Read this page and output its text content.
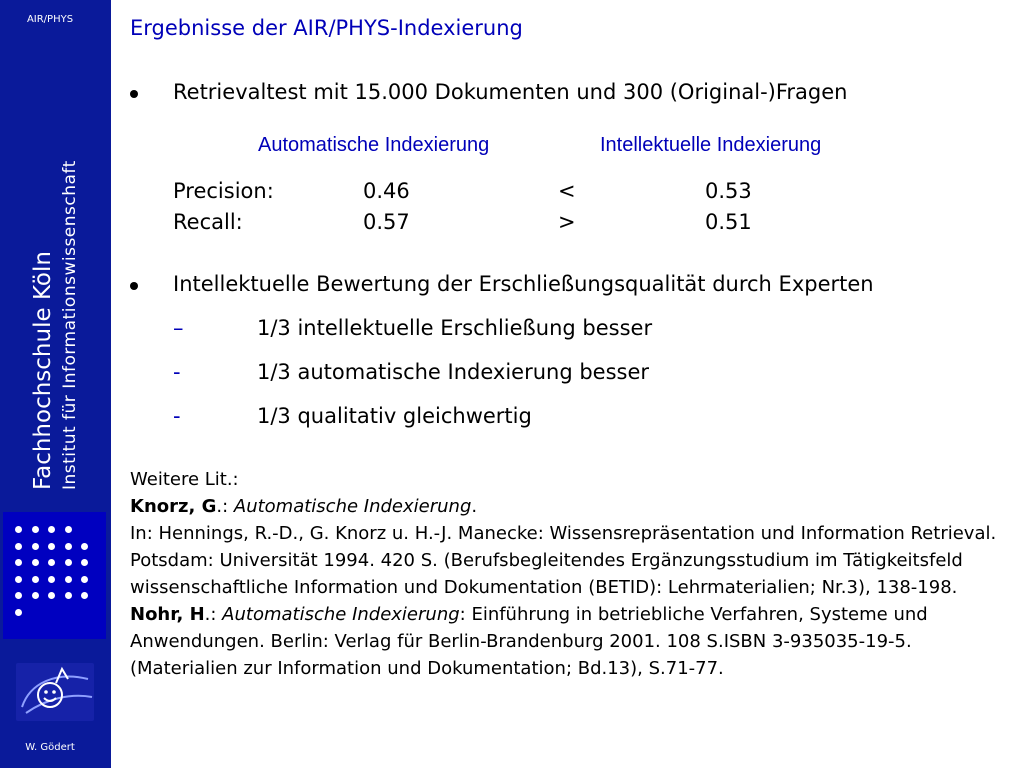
AIR/PHYS
Fachhochschule Köln Institut für Informationswissenschaft
W. Gödert
Ergebnisse der AIR/PHYS-Indexierung
Retrievaltest mit 15.000 Dokumenten und 300 (Original-)Fragen
Automatische Indexierung	Intellektuelle Indexierung
Precision:	0.46	<	0.53
Recall:	0.57	>	0.51
Intellektuelle Bewertung der Erschließungsqualität durch Experten
–	1/3 intellektuelle Erschließung besser
-	1/3 automatische Indexierung besser
-	1/3 qualitativ gleichwertig

Weitere Lit.:

Knorz, G.: Automatische Indexierung.

In: Hennings, R.-D., G. Knorz u. H.-J. Manecke: Wissensrepräsentation und Information Retrieval. Potsdam: Universität 1994. 420 S. (Berufsbegleitendes Ergänzungsstudium im Tätigkeitsfeld wissenschaftliche Information und Dokumentation (BETID): Lehrmaterialien; Nr.3), 138-198.

Nohr, H.: Automatische Indexierung: Einführung in betriebliche Verfahren, Systeme und Anwendungen. Berlin: Verlag für Berlin-Brandenburg 2001. 108 S.ISBN 3-935035-19-5. (Materialien zur Information und Dokumentation; Bd.13), S.71-77.
